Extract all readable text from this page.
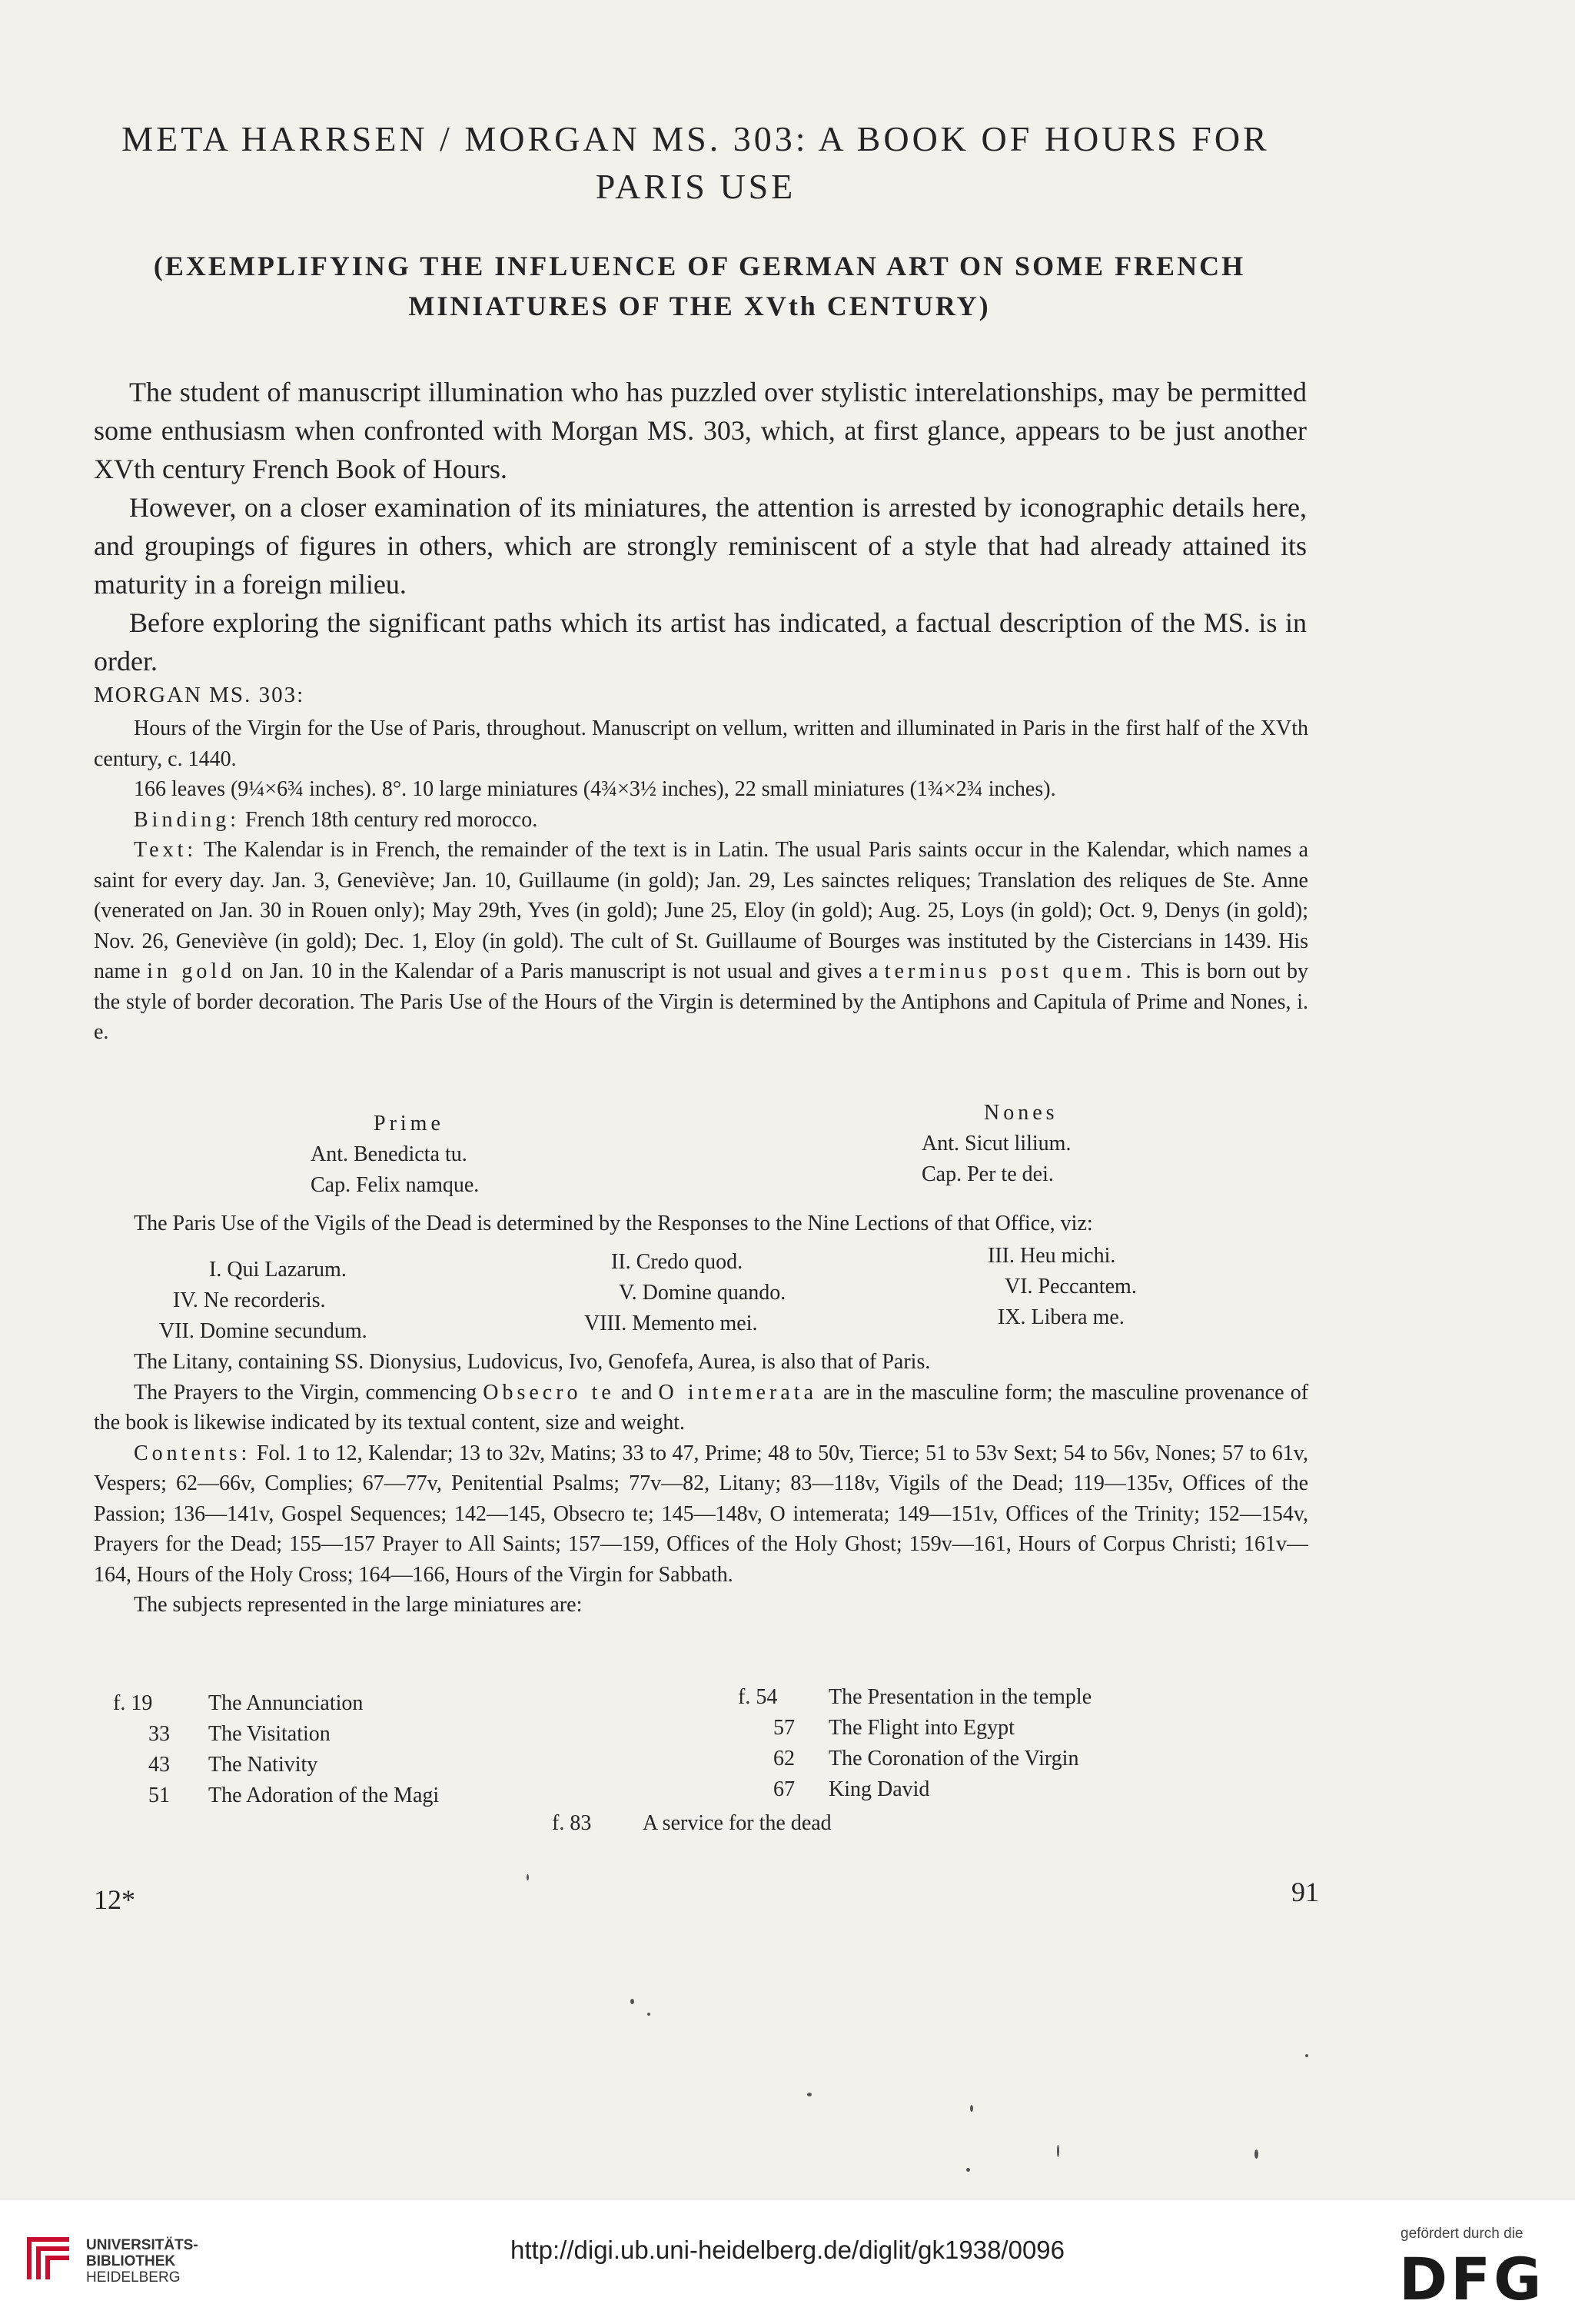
META HARRSEN / MORGAN MS. 303: A BOOK OF HOURS FOR PARIS USE
(EXEMPLIFYING THE INFLUENCE OF GERMAN ART ON SOME FRENCH MINIATURES OF THE XVth CENTURY)

The student of manuscript illumination who has puzzled over stylistic interelationships, may be permitted some enthusiasm when confronted with Morgan MS. 303, which, at first glance, appears to be just another XVth century French Book of Hours.

However, on a closer examination of its miniatures, the attention is arrested by iconographic details here, and groupings of figures in others, which are strongly reminiscent of a style that had already attained its maturity in a foreign milieu.

Before exploring the significant paths which its artist has indicated, a factual description of the MS. is in order.

MORGAN MS. 303:

Hours of the Virgin for the Use of Paris, throughout. Manuscript on vellum, written and illuminated in Paris in the first half of the XVth century, c. 1440.

166 leaves (9¼×6¾ inches). 8°. 10 large miniatures (4¾×3½ inches), 22 small miniatures (1¾×2¾ inches).

Binding: French 18th century red morocco.

Text: The Kalendar is in French, the remainder of the text is in Latin. The usual Paris saints occur in the Kalendar, which names a saint for every day. Jan. 3, Geneviève; Jan. 10, Guillaume (in gold); Jan. 29, Les sainctes reliques; Translation des reliques de Ste. Anne (venerated on Jan. 30 in Rouen only); May 29th, Yves (in gold); June 25, Eloy (in gold); Aug. 25, Loys (in gold); Oct. 9, Denys (in gold); Nov. 26, Geneviève (in gold); Dec. 1, Eloy (in gold). The cult of St. Guillaume of Bourges was instituted by the Cistercians in 1439. His name in gold on Jan. 10 in the Kalendar of a Paris manuscript is not usual and gives a terminus post quem. This is born out by the style of border decoration. The Paris Use of the Hours of the Virgin is determined by the Antiphons and Capitula of Prime and Nones, i. e.

Prime
Ant. Benedicta tu.
Cap. Felix namque.
Nones
Ant. Sicut lilium.
Cap. Per te dei.

The Paris Use of the Vigils of the Dead is determined by the Responses to the Nine Lections of that Office, viz:

I. Qui Lazarum.	II. Credo quod.	III. Heu michi.
IV. Ne recorderis.	V. Domine quando.	VI. Peccantem.
VII. Domine secundum.	VIII. Memento mei.	IX. Libera me.

The Litany, containing SS. Dionysius, Ludovicus, Ivo, Genofefa, Aurea, is also that of Paris.

The Prayers to the Virgin, commencing Obsecro te and O intemerata are in the masculine form; the masculine provenance of the book is likewise indicated by its textual content, size and weight.

Contents: Fol. 1 to 12, Kalendar; 13 to 32v, Matins; 33 to 47, Prime; 48 to 50v, Tierce; 51 to 53v Sext; 54 to 56v, Nones; 57 to 61v, Vespers; 62—66v, Complies; 67—77v, Penitential Psalms; 77v—82, Litany; 83—118v, Vigils of the Dead; 119—135v, Offices of the Passion; 136—141v, Gospel Sequences; 142—145, Obsecro te; 145—148v, O intemerata; 149—151v, Offices of the Trinity; 152—154v, Prayers for the Dead; 155—157 Prayer to All Saints; 157—159, Offices of the Holy Ghost; 159v—161, Hours of Corpus Christi; 161v—164, Hours of the Holy Cross; 164—166, Hours of the Virgin for Sabbath.

The subjects represented in the large miniatures are:

f. 19	The Annunciation
33 The Visitation
43 The Nativity
51 The Adoration of the Magi
f. 54 The Presentation in the temple
57 The Flight into Egypt
62 The Coronation of the Virgin
67 King David
f. 83 A service for the dead
12*	91
UNIVERSITÄTS-
BIBLIOTHEK
HEIDELBERG
http://digi.ub.uni-heidelberg.de/diglit/gk1938/0096
gefördert durch die
DFG
